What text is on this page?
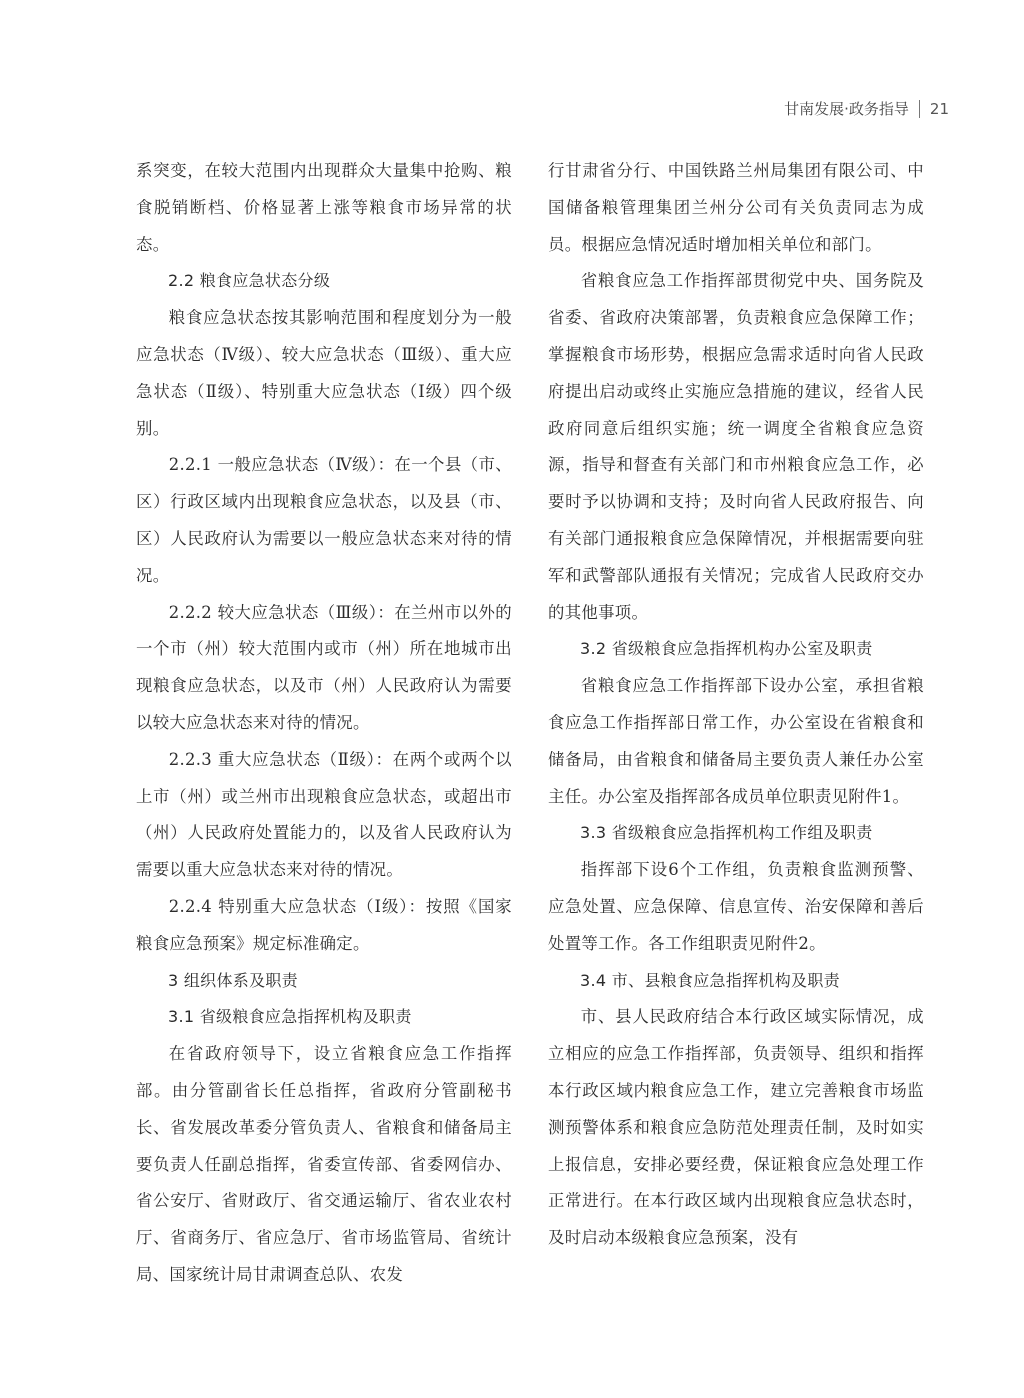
甘南发展·政务指导 21

系突变，在较大范围内出现群众大量集中抢购、粮食脱销断档、价格显著上涨等粮食市场异常的状态。

2.2 粮食应急状态分级

粮食应急状态按其影响范围和程度划分为一般应急状态（Ⅳ级）、较大应急状态（Ⅲ级）、重大应急状态（Ⅱ级）、特别重大应急状态（Ⅰ级）四个级别。

2.2.1 一般应急状态（Ⅳ级）：在一个县（市、区）行政区域内出现粮食应急状态，以及县（市、区）人民政府认为需要以一般应急状态来对待的情况。

2.2.2 较大应急状态（Ⅲ级）：在兰州市以外的一个市（州）较大范围内或市（州）所在地城市出现粮食应急状态，以及市（州）人民政府认为需要以较大应急状态来对待的情况。

2.2.3 重大应急状态（Ⅱ级）：在两个或两个以上市（州）或兰州市出现粮食应急状态，或超出市（州）人民政府处置能力的，以及省人民政府认为需要以重大应急状态来对待的情况。

2.2.4 特别重大应急状态（Ⅰ级）：按照《国家粮食应急预案》规定标准确定。

3 组织体系及职责

3.1 省级粮食应急指挥机构及职责

在省政府领导下，设立省粮食应急工作指挥部。由分管副省长任总指挥，省政府分管副秘书长、省发展改革委分管负责人、省粮食和储备局主要负责人任副总指挥，省委宣传部、省委网信办、省公安厅、省财政厅、省交通运输厅、省农业农村厅、省商务厅、省应急厅、省市场监管局、省统计局、国家统计局甘肃调查总队、农发

行甘肃省分行、中国铁路兰州局集团有限公司、中国储备粮管理集团兰州分公司有关负责同志为成员。根据应急情况适时增加相关单位和部门。

省粮食应急工作指挥部贯彻党中央、国务院及省委、省政府决策部署，负责粮食应急保障工作；掌握粮食市场形势，根据应急需求适时向省人民政府提出启动或终止实施应急措施的建议，经省人民政府同意后组织实施；统一调度全省粮食应急资源，指导和督查有关部门和市州粮食应急工作，必要时予以协调和支持；及时向省人民政府报告、向有关部门通报粮食应急保障情况，并根据需要向驻军和武警部队通报有关情况；完成省人民政府交办的其他事项。

3.2 省级粮食应急指挥机构办公室及职责

省粮食应急工作指挥部下设办公室，承担省粮食应急工作指挥部日常工作，办公室设在省粮食和储备局，由省粮食和储备局主要负责人兼任办公室主任。办公室及指挥部各成员单位职责见附件1。

3.3 省级粮食应急指挥机构工作组及职责

指挥部下设6个工作组，负责粮食监测预警、应急处置、应急保障、信息宣传、治安保障和善后处置等工作。各工作组职责见附件2。

3.4 市、县粮食应急指挥机构及职责

市、县人民政府结合本行政区域实际情况，成立相应的应急工作指挥部，负责领导、组织和指挥本行政区域内粮食应急工作，建立完善粮食市场监测预警体系和粮食应急防范处理责任制，及时如实上报信息，安排必要经费，保证粮食应急处理工作正常进行。在本行政区域内出现粮食应急状态时，及时启动本级粮食应急预案，没有
